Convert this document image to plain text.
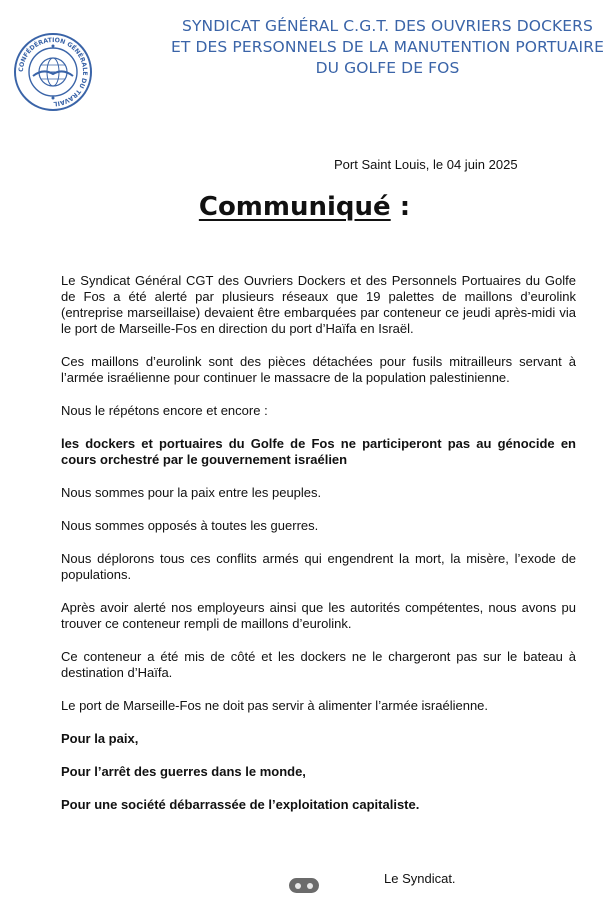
CONFÉDÉRATION GÉNÉRALE DU TRAVAIL
SYNDICAT GÉNÉRAL C.G.T. DES OUVRIERS DOCKERS
ET DES PERSONNELS DE LA MANUTENTION PORTUAIRE
DU GOLFE DE FOS
Port Saint Louis, le 04 juin 2025
Communiqué :

Le Syndicat Général CGT des Ouvriers Dockers et des Personnels Portuaires du Golfe de Fos a été alerté par plusieurs réseaux que 19 palettes de maillons d’eurolink (entreprise marseillaise) devaient être embarquées par conteneur ce jeudi après-midi via le port de Marseille-Fos en direction du port d’Haïfa en Israël.

Ces maillons d’eurolink sont des pièces détachées pour fusils mitrailleurs servant à l’armée israélienne pour continuer le massacre de la population palestinienne.

Nous le répétons encore et encore :

les dockers et portuaires du Golfe de Fos ne participeront pas au génocide en cours orchestré par le gouvernement israélien

Nous sommes pour la paix entre les peuples.

Nous sommes opposés à toutes les guerres.

Nous déplorons tous ces conflits armés qui engendrent la mort, la misère, l’exode de populations.

Après avoir alerté nos employeurs ainsi que les autorités compétentes, nous avons pu trouver ce conteneur rempli de maillons d’eurolink.

Ce conteneur a été mis de côté et les dockers ne le chargeront pas sur le bateau à destination d’Haïfa.

Le port de Marseille-Fos ne doit pas servir à alimenter l’armée israélienne.

Pour la paix,

Pour l’arrêt des guerres dans le monde,

Pour une société débarrassée de l’exploitation capitaliste.

Le Syndicat.
